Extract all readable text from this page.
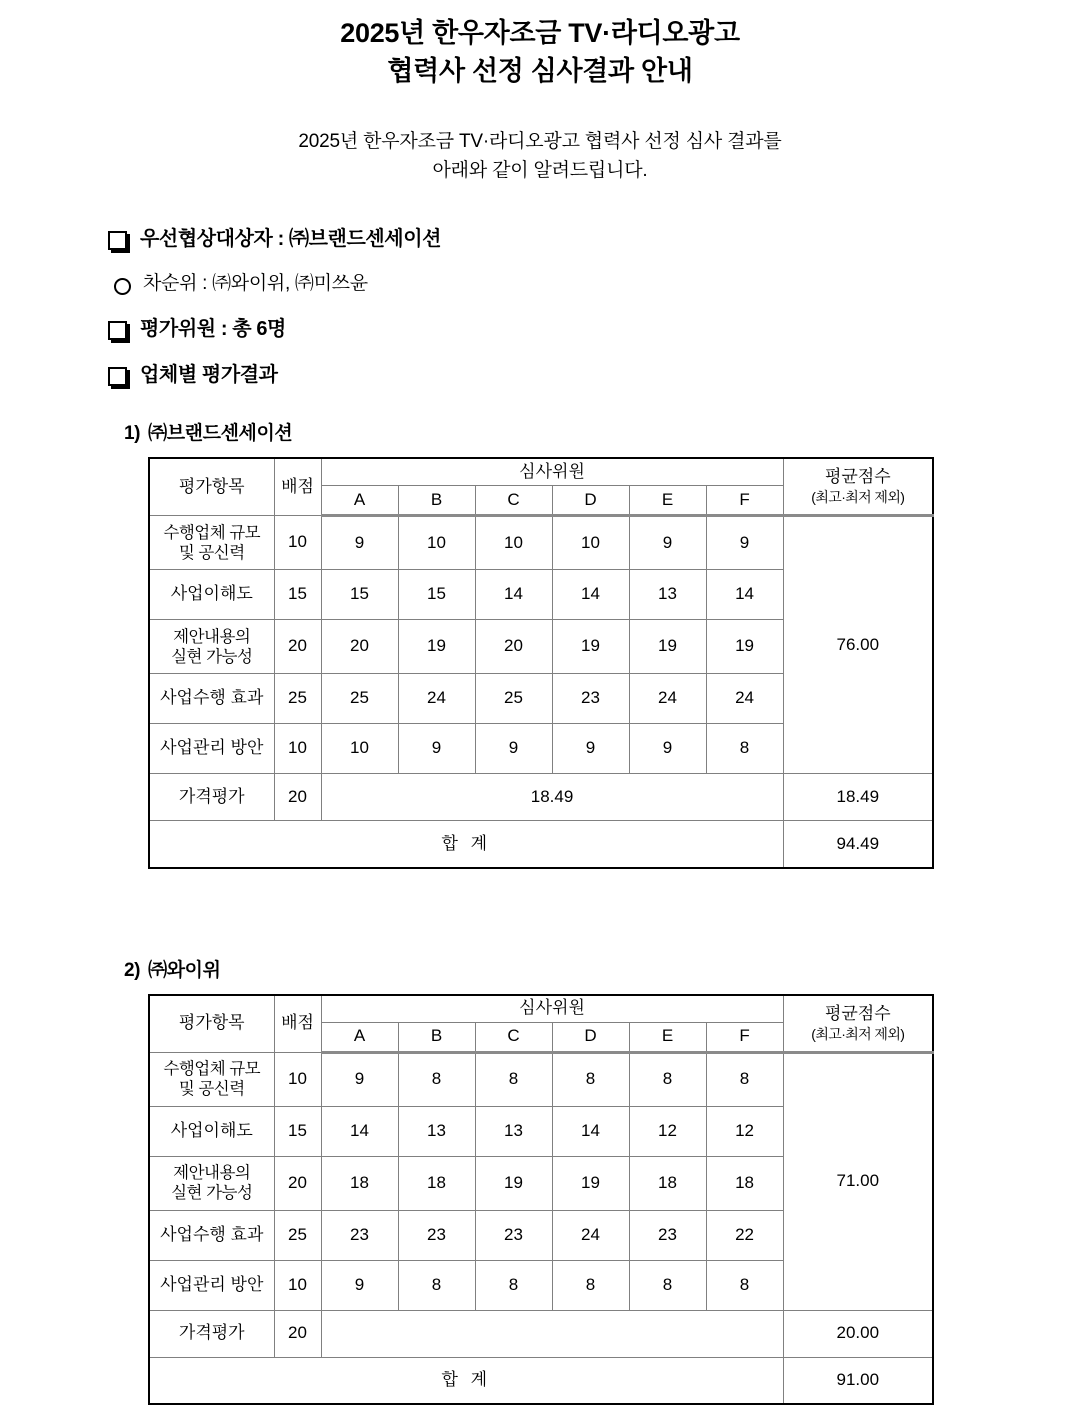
2025년 한우자조금 TV·라디오광고
협력사 선정 심사결과 안내
2025년 한우자조금 TV·라디오광고 협력사 선정 심사 결과를
아래와 같이 알려드립니다.
우선협상대상자 : ㈜브랜드센세이션
차순위 : ㈜와이위, ㈜미쓰윤
평가위원 : 총 6명
업체별 평가결과
1) ㈜브랜드센세이션
평가항목	배점	심사위원						평균점수
(최고·최저 제외)

		A	B	C	D	E	F	
수행업체 규모
및 공신력	10	9	10	10	10	9	9	76.00
사업이해도	15	15	15	14	14	13	14	
제안내용의
실현 가능성	20	20	19	20	19	19	19	
사업수행 효과	25	25	24	25	23	24	24	
사업관리 방안	10	10	9	9	9	9	8	
가격평가	20	18.49						18.49
합 계								94.49
2) ㈜와이위
평가항목	배점	심사위원						평균점수
(최고·최저 제외)

		A	B	C	D	E	F	
수행업체 규모
및 공신력	10	9	8	8	8	8	8	71.00
사업이해도	15	14	13	13	14	12	12	
제안내용의
실현 가능성	20	18	18	19	19	18	18	
사업수행 효과	25	23	23	23	24	23	22	
사업관리 방안	10	9	8	8	8	8	8	
가격평가	20							20.00
합 계								91.00
